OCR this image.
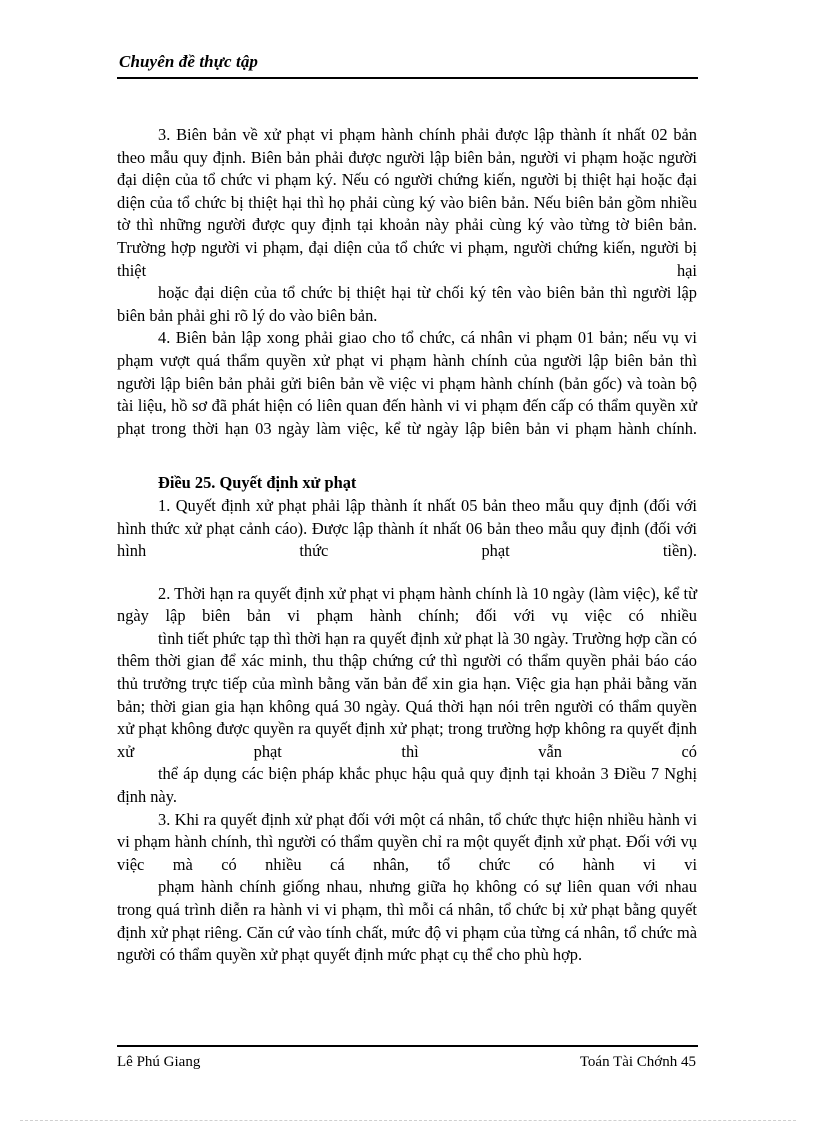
Chuyên đề thực tập

3. Biên bản về xử phạt vi phạm hành chính phải được lập thành ít nhất 02 bản theo mẫu quy định. Biên bản phải được người lập biên bản, người vi phạm hoặc người đại diện của tổ chức vi phạm ký. Nếu có người chứng kiến, người bị thiệt hại hoặc đại diện của tổ chức bị thiệt hại thì họ phải cùng ký vào biên bản. Nếu biên bản gồm nhiều tờ thì những người được quy định tại khoản này phải cùng ký vào từng tờ biên bản. Trường hợp người vi phạm, đại diện của tổ chức vi phạm, người chứng kiến, người bị thiệt hại

hoặc đại diện của tổ chức bị thiệt hại từ chối ký tên vào biên bản thì người lập biên bản phải ghi rõ lý do vào biên bản.

4. Biên bản lập xong phải giao cho tổ chức, cá nhân vi phạm 01 bản; nếu vụ vi phạm vượt quá thẩm quyền xử phạt vi phạm hành chính của người lập biên bản thì người lập biên bản phải gửi biên bản về việc vi phạm hành chính (bản gốc) và toàn bộ tài liệu, hồ sơ đã phát hiện có liên quan đến hành vi vi phạm đến cấp có thẩm quyền xử phạt trong thời hạn 03 ngày làm việc, kể từ ngày lập biên bản vi phạm hành chính.

Điều 25. Quyết định xử phạt

1. Quyết định xử phạt phải lập thành ít nhất 05 bản theo mẫu quy định (đối với hình thức xử phạt cảnh cáo). Được lập thành ít nhất 06 bản theo mẫu quy định (đối với hình thức phạt tiền).

2. Thời hạn ra quyết định xử phạt vi phạm hành chính là 10 ngày (làm việc), kể từ ngày lập biên bản vi phạm hành chính; đối với vụ việc có nhiều

tình tiết phức tạp thì thời hạn ra quyết định xử phạt là 30 ngày. Trường hợp cần có thêm thời gian để xác minh, thu thập chứng cứ thì người có thẩm quyền phải báo cáo thủ trưởng trực tiếp của mình bằng văn bản để xin gia hạn. Việc gia hạn phải bằng văn bản; thời gian gia hạn không quá 30 ngày. Quá thời hạn nói trên người có thẩm quyền xử phạt không được quyền ra quyết định xử phạt; trong trường hợp không ra quyết định xử phạt thì vẫn có

thể áp dụng các biện pháp khắc phục hậu quả quy định tại khoản 3 Điều 7 Nghị định này.

3. Khi ra quyết định xử phạt đối với một cá nhân, tổ chức thực hiện nhiều hành vi vi phạm hành chính, thì người có thẩm quyền chỉ ra một quyết định xử phạt. Đối với vụ việc mà có nhiều cá nhân, tổ chức có hành vi vi

phạm hành chính giống nhau, nhưng giữa họ không có sự liên quan với nhau trong quá trình diễn ra hành vi vi phạm, thì mỗi cá nhân, tổ chức bị xử phạt bằng quyết định xử phạt riêng. Căn cứ vào tính chất, mức độ vi phạm của từng cá nhân, tổ chức mà người có thẩm quyền xử phạt quyết định mức phạt cụ thể cho phù hợp.

Lê Phú Giang	Toán Tài Chớnh 45
